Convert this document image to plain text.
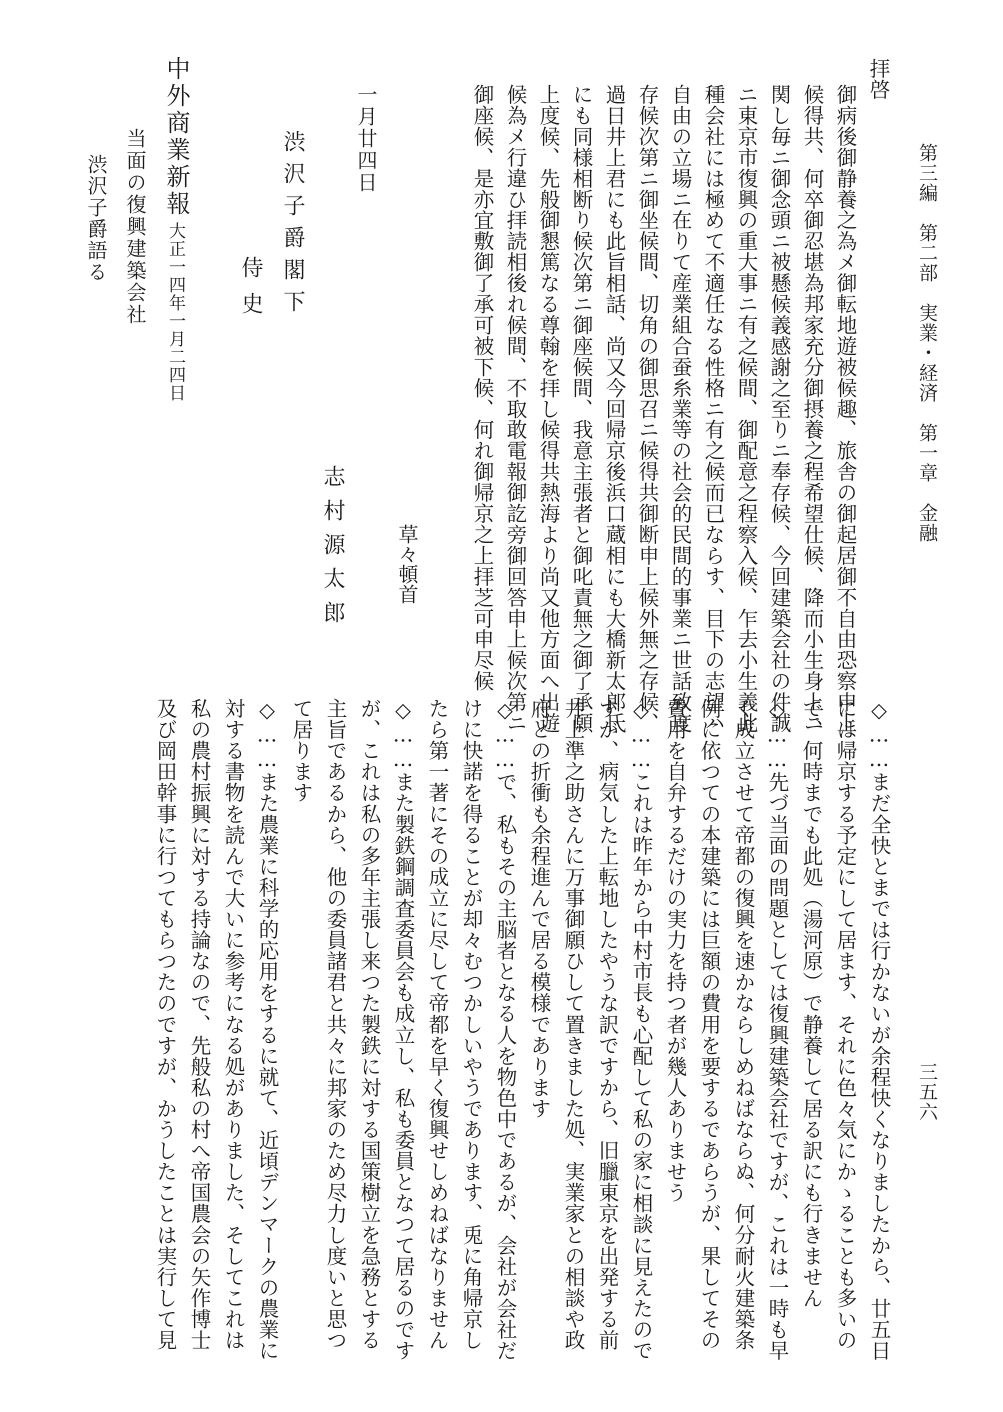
第三編　第二部　実業・経済　第一章　金融
三五六
拝啓
御病後御静養之為メ御転地遊被候趣、旅舎の御起居御不自由恐察申上
候得共、何卒御忍堪為邦家充分御摂養之程希望仕候、降而小生身上ニ
関し毎ニ御念頭ニ被懸候義感謝之至りニ奉存候、今回建築会社の件誠
ニ東京市復興の重大事ニ有之候間、御配意之程察入候、乍去小生義此
種会社には極めて不適任なる性格ニ有之候而已ならす、目下の志望ハ
自由の立場ニ在りて産業組合蚕糸業等の社会的民間的事業ニ世話致度
存候次第ニ御坐候間、切角の御思召ニ候得共御断申上候外無之存候、
過日井上君にも此旨相話、尚又今回帰京後浜口蔵相にも大橋新太郎氏
にも同様相断り候次第ニ御座候間、我意主張者と御叱責無之御了承願
上度候、先般御懇篤なる尊翰を拝し候得共熱海より尚又他方面へ出遊
候為メ行違ひ拝読相後れ候間、不取敢電報御訖旁御回答申上候次第ニ
御座候、是亦宜敷御了承可被下候、何れ御帰京之上拝芝可申尽候
草々頓首
一月廿四日
志村源太郎
渋沢子爵閣下
侍史
中外商業新報
大正一四年一月二四日
当面の復興建築会社
渋沢子爵語る
◇……まだ全快とまでは行かないが余程快くなりましたから、廿五日
には帰京する予定にして居ます、それに色々気にかゝることも多いの
で、何時までも此処（湯河原）で静養して居る訳にも行きません
◇……先づ当面の問題としては復興建築会社ですが、これは一時も早
く成立させて帝都の復興を速かならしめねばならぬ、何分耐火建築条
例に依つての本建築には巨額の費用を要するであらうが、果してその
費用を自弁するだけの実力を持つ者が幾人ありませう
◇……これは昨年から中村市長も心配して私の家に相談に見えたので
すが、病気した上転地したやうな訳ですから、旧臘東京を出発する前
井上準之助さんに万事御願ひして置きました処、実業家との相談や政
府との折衝も余程進んで居る模様であります
◇……で、私もその主脳者となる人を物色中であるが、会社が会社だ
けに快諾を得ることが却々むつかしいやうであります、兎に角帰京し
たら第一著にその成立に尽して帝都を早く復興せしめねばなりません
◇……また製鉄鋼調査委員会も成立し、私も委員となつて居るのです
が、これは私の多年主張し来つた製鉄に対する国策樹立を急務とする
主旨であるから、他の委員諸君と共々に邦家のため尽力し度いと思つ
て居ります
◇……また農業に科学的応用をするに就て、近頃デンマークの農業に
対する書物を読んで大いに参考になる処がありました、そしてこれは
私の農村振興に対する持論なので、先般私の村へ帝国農会の矢作博士
及び岡田幹事に行つてもらつたのですが、かうしたことは実行して見
